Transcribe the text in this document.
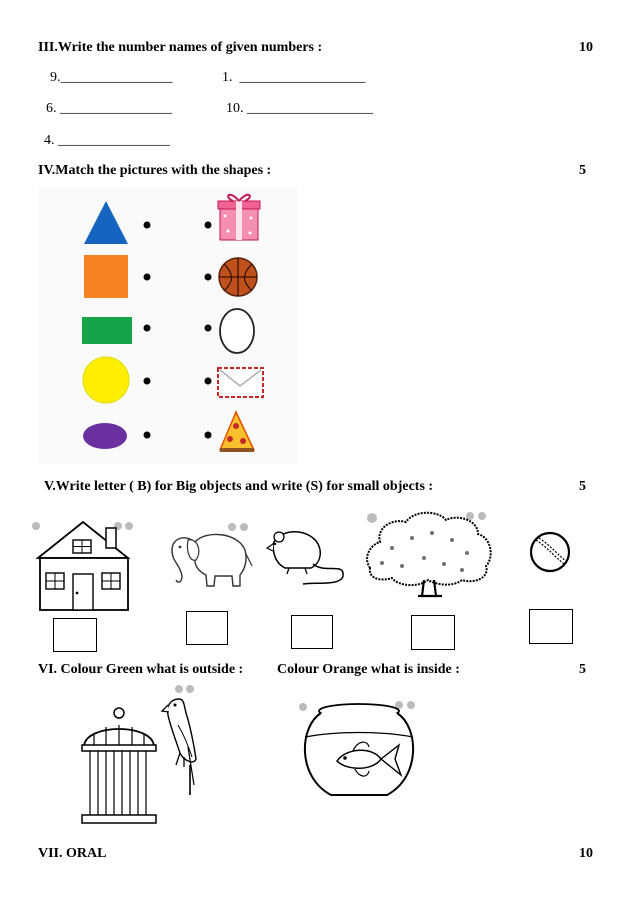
III.Write the number names of given numbers :	10
9.________________	1. __________________
6. ________________	10. __________________
4. ________________
IV.Match the pictures with the shapes :	5
V.Write letter ( B) for Big objects and write (S) for small objects :	5
VI. Colour Green what is outside : Colour Orange what is inside :	5
VII. ORAL	10
